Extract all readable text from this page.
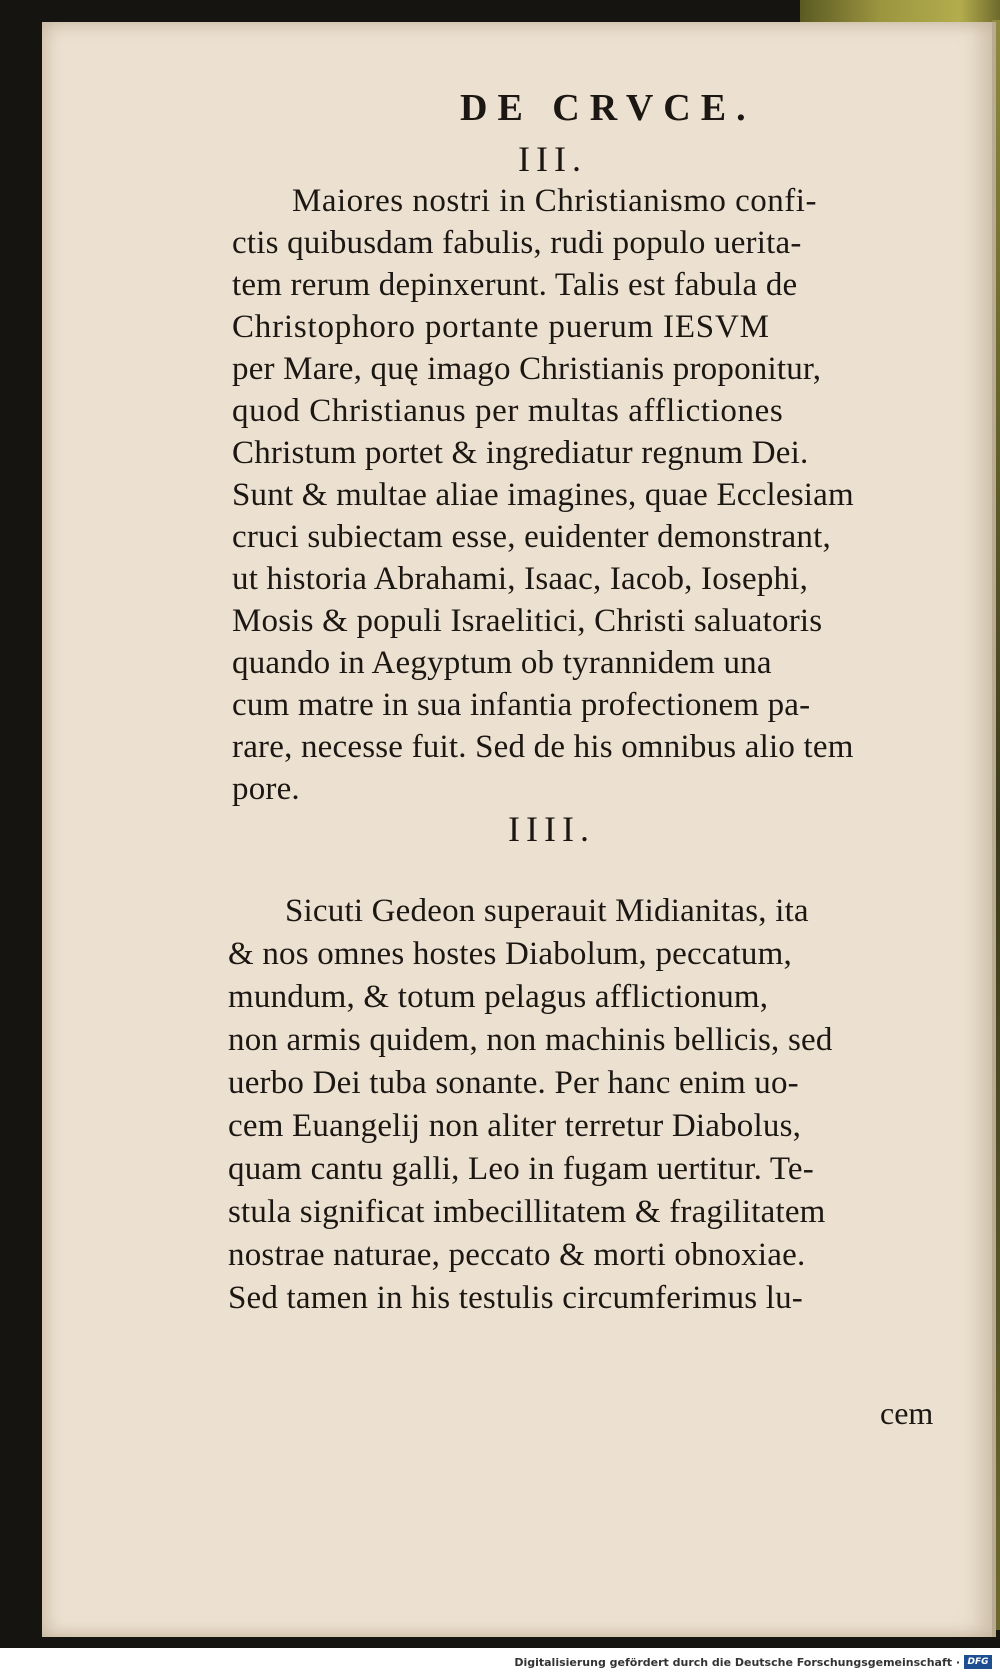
DE CRVCE.
III.
Maiores nostri in Christianismo confi-
ctis quibusdam fabulis, rudi populo uerita-
tem rerum depinxerunt. Talis est fabula de
Christophoro portante puerum IESVM
per Mare, quę imago Christianis proponitur,
quod Christianus per multas afflictiones
Christum portet & ingrediatur regnum Dei.
Sunt & multae aliae imagines, quae Ecclesiam
cruci subiectam esse, euidenter demonstrant,
ut historia Abrahami, Isaac, Iacob, Iosephi,
Mosis & populi Israelitici, Christi saluatoris
quando in Aegyptum ob tyrannidem una
cum matre in sua infantia profectionem pa-
rare, necesse fuit. Sed de his omnibus alio tem
pore.
IIII.
Sicuti Gedeon superauit Midianitas, ita
& nos omnes hostes Diabolum, peccatum,
mundum, & totum pelagus afflictionum,
non armis quidem, non machinis bellicis, sed
uerbo Dei tuba sonante. Per hanc enim uo-
cem Euangelij non aliter terretur Diabolus,
quam cantu galli, Leo in fugam uertitur. Te-
stula significat imbecillitatem & fragilitatem
nostrae naturae, peccato & morti obnoxiae.
Sed tamen in his testulis circumferimus lu-
cem
Digitalisierung gefördert durch die Deutsche Forschungsgemeinschaft · DFG
